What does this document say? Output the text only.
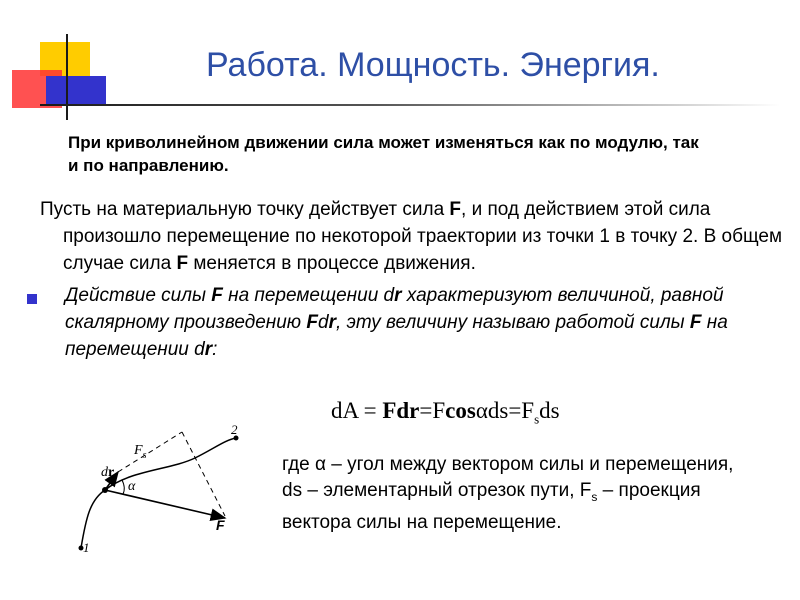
Работа. Мощность. Энергия.
При криволинейном движении сила может изменяться как по модулю, так и по направлению.
Пусть на материальную точку действует сила F, и под действием этой сила произошло перемещение по некоторой траектории из точки 1 в точку 2. В общем случае сила F меняется в процессе движения.
Действие силы F на перемещении dr характеризуют величиной, равной скалярному произведению Fdr, эту величину называю работой силы F на перемещении dr:
dA = $Fdr=Fcos\alpha ds=F_sds$
1
2
dr
$F_s$
α
F
где α – угол между вектором силы и перемещения, ds – элементарный отрезок пути, $F_s$ – проекция вектора силы на перемещение.
